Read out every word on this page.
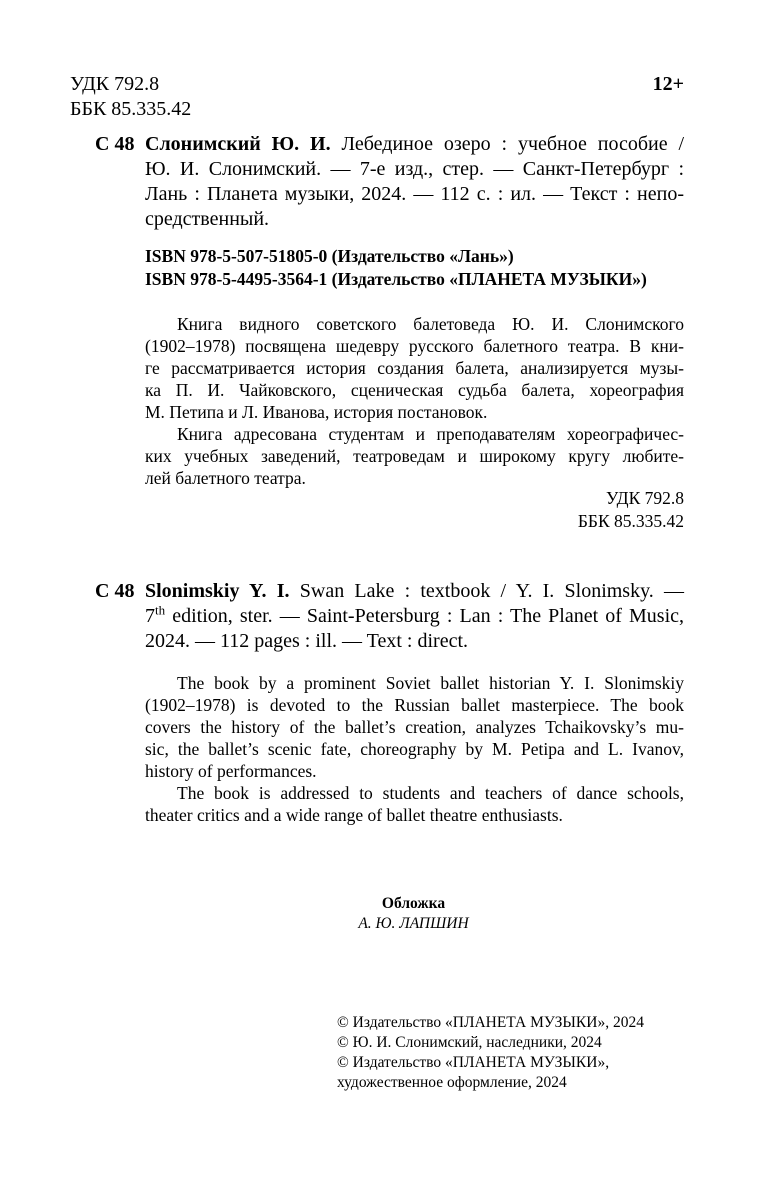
УДК 792.8
ББК 85.335.42
12+
С 48 Слонимский Ю. И. Лебединое озеро : учебное пособие /
Ю. И. Слонимский. — 7-е изд., стер. — Санкт-Петербург :
Лань : Планета музыки, 2024. — 112 с. : ил. — Текст : непо-
средственный.
ISBN 978-5-507-51805-0 (Издательство «Лань»)
ISBN 978-5-4495-3564-1 (Издательство «ПЛАНЕТА МУЗЫКИ»)
Книга видного советского балетоведа Ю. И. Слонимского
(1902–1978) посвящена шедевру русского балетного театра. В кни-
ге рассматривается история создания балета, анализируется музы-
ка П. И. Чайковского, сценическая судьба балета, хореография
М. Петипа и Л. Иванова, история постановок.
Книга адресована студентам и преподавателям хореографичес-
ких учебных заведений, театроведам и широкому кругу любите-
лей балетного театра.
УДК 792.8
ББК 85.335.42
С 48 Slonimskiy Y. I. Swan Lake : textbook / Y. I. Slonimsky. —
7th edition, ster. — Saint-Petersburg : Lan : The Planet of Music,
2024. — 112 pages : ill. — Text : direct.
The book by a prominent Soviet ballet historian Y. I. Slonimskiy
(1902–1978) is devoted to the Russian ballet masterpiece. The book
covers the history of the ballet’s creation, analyzes Tchaikovsky’s mu-
sic, the ballet’s scenic fate, choreography by M. Petipa and L. Ivanov,
history of performances.
The book is addressed to students and teachers of dance schools,
theater critics and a wide range of ballet theatre enthusiasts.
Обложка
А. Ю. ЛАПШИН
© Издательство «ПЛАНЕТА МУЗЫКИ», 2024
© Ю. И. Слонимский, наследники, 2024
© Издательство «ПЛАНЕТА МУЗЫКИ»,
художественное оформление, 2024
